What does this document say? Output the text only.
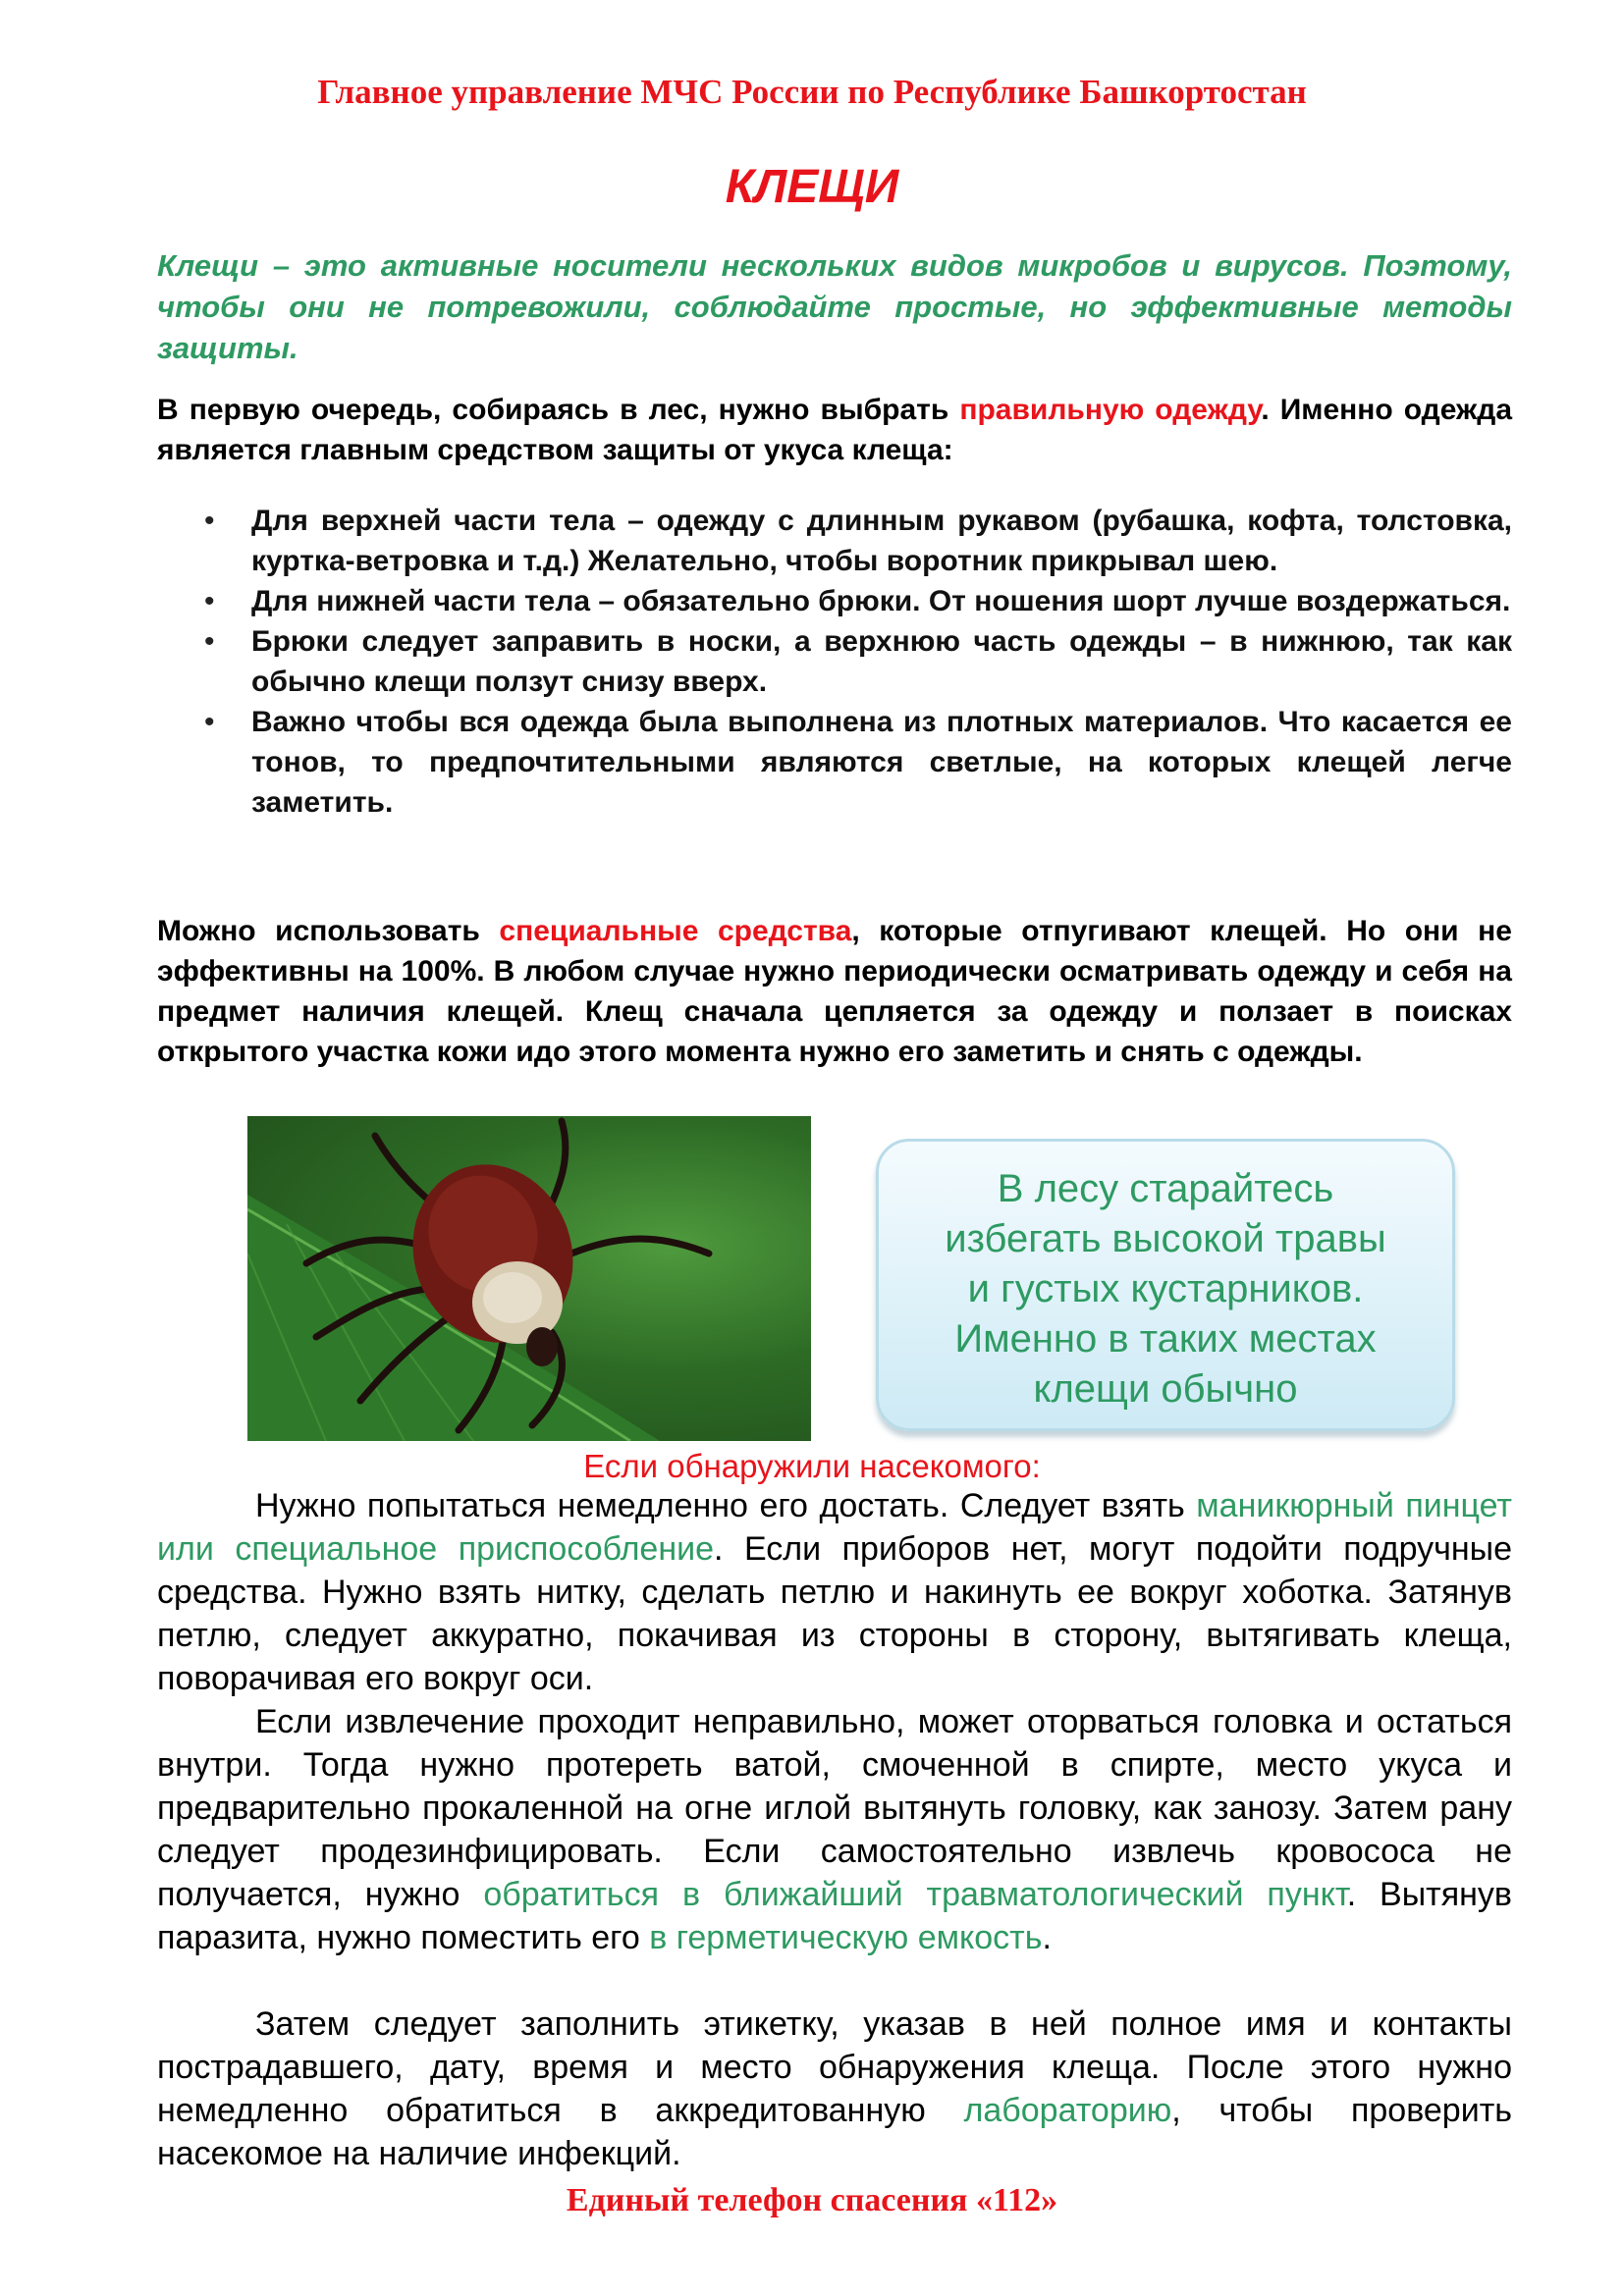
Главное управление МЧС России по Республике Башкортостан
КЛЕЩИ
Клещи – это активные носители нескольких видов микробов и вирусов. Поэтому, чтобы они не потревожили, соблюдайте простые, но эффективные методы защиты.
В первую очередь, собираясь в лес, нужно выбрать правильную одежду. Именно одежда является главным средством защиты от укуса клеща:
•	Для верхней части тела – одежду с длинным рукавом (рубашка, кофта, толстовка, куртка-ветровка и т.д.) Желательно, чтобы воротник прикрывал шею.
•	Для нижней части тела – обязательно брюки. От ношения шорт лучше воздержаться.
•	Брюки следует заправить в носки, а верхнюю часть одежды – в нижнюю, так как обычно клещи ползут снизу вверх.
•	Важно чтобы вся одежда была выполнена из плотных материалов. Что касается ее тонов, то предпочтительными являются светлые, на которых клещей легче заметить.
Можно использовать специальные средства, которые отпугивают клещей. Но они не эффективны на 100%. В любом случае нужно периодически осматривать одежду и себя на предмет наличия клещей. Клещ сначала цепляется за одежду и ползает в поисках открытого участка кожи идо этого момента нужно его заметить и снять с одежды.
В лесу старайтесь
избегать высокой травы
и густых кустарников.
Именно в таких местах
клещи обычно
Если обнаружили насекомого:

Нужно попытаться немедленно его достать. Следует взять маникюрный пинцет или специальное приспособление. Если приборов нет, могут подойти подручные средства. Нужно взять нитку, сделать петлю и накинуть ее вокруг хоботка. Затянув петлю, следует аккуратно, покачивая из стороны в сторону, вытягивать клеща, поворачивая его вокруг оси.

Если извлечение проходит неправильно, может оторваться головка и остаться внутри. Тогда нужно протереть ватой, смоченной в спирте, место укуса и предварительно прокаленной на огне иглой вытянуть головку, как занозу. Затем рану следует продезинфицировать. Если самостоятельно извлечь кровососа не получается, нужно обратиться в ближайший травматологический пункт. Вытянув паразита, нужно поместить его в герметическую емкость.

Затем следует заполнить этикетку, указав в ней полное имя и контакты пострадавшего, дату, время и место обнаружения клеща. После этого нужно немедленно обратиться в аккредитованную лабораторию, чтобы проверить насекомое на наличие инфекций.

Единый телефон спасения «112»
